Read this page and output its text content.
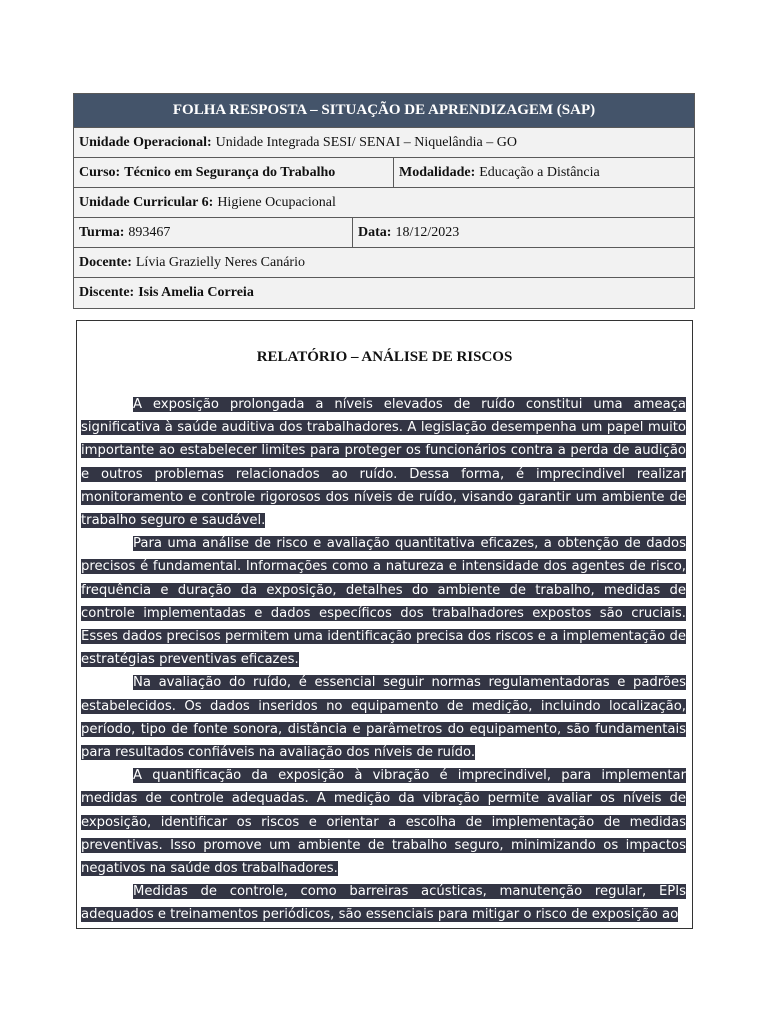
FOLHA RESPOSTA – SITUAÇÃO DE APRENDIZAGEM (SAP)
Unidade Operacional: Unidade Integrada SESI/ SENAI – Niquelândia – GO
Curso: Técnico em Segurança do Trabalho	Modalidade: Educação a Distância
Unidade Curricular 6: Higiene Ocupacional
Turma: 893467	Data: 18/12/2023
Docente: Lívia Grazielly Neres Canário
Discente: Isis Amelia Correia
RELATÓRIO – ANÁLISE DE RISCOS

A exposição prolongada a níveis elevados de ruído constitui uma ameaça significativa à saúde auditiva dos trabalhadores. A legislação desempenha um papel muito importante ao estabelecer limites para proteger os funcionários contra a perda de audição e outros problemas relacionados ao ruído. Dessa forma, é imprecindivel realizar monitoramento e controle rigorosos dos níveis de ruído, visando garantir um ambiente de trabalho seguro e saudável.

Para uma análise de risco e avaliação quantitativa eficazes, a obtenção de dados precisos é fundamental. Informações como a natureza e intensidade dos agentes de risco, frequência e duração da exposição, detalhes do ambiente de trabalho, medidas de controle implementadas e dados específicos dos trabalhadores expostos são cruciais. Esses dados precisos permitem uma identificação precisa dos riscos e a implementação de estratégias preventivas eficazes.

Na avaliação do ruído, é essencial seguir normas regulamentadoras e padrões estabelecidos. Os dados inseridos no equipamento de medição, incluindo localização, período, tipo de fonte sonora, distância e parâmetros do equipamento, são fundamentais para resultados confiáveis na avaliação dos níveis de ruído.

A quantificação da exposição à vibração é imprecindivel, para implementar medidas de controle adequadas. A medição da vibração permite avaliar os níveis de exposição, identificar os riscos e orientar a escolha de implementação de medidas preventivas. Isso promove um ambiente de trabalho seguro, minimizando os impactos negativos na saúde dos trabalhadores.

Medidas de controle, como barreiras acústicas, manutenção regular, EPIs adequados e treinamentos periódicos, são essenciais para mitigar o risco de exposição ao
